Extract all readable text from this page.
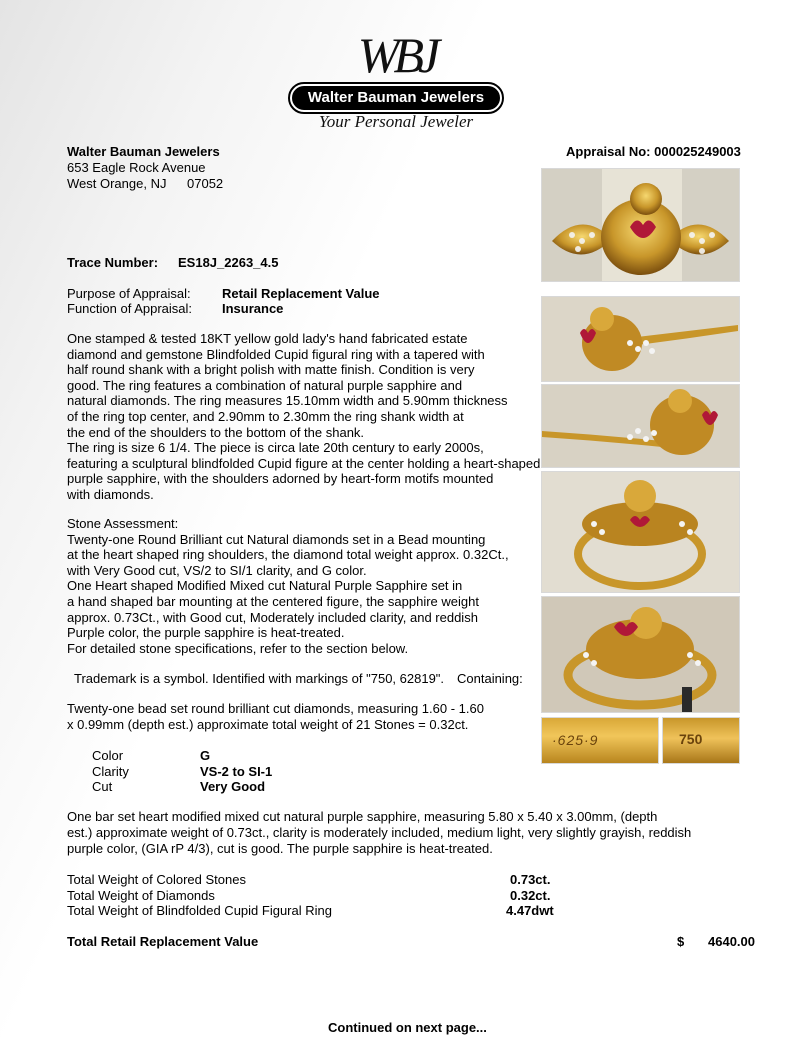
WBJ
Walter Bauman Jewelers
Your Personal Jeweler
Walter Bauman Jewelers
653 Eagle Rock Avenue
West Orange, NJ 07052
Appraisal No: 000025249003
Trace Number: ES18J_2263_4.5
Purpose of Appraisal: Retail Replacement Value
Function of Appraisal: Insurance
One stamped & tested 18KT yellow gold lady's hand fabricated estate
diamond and gemstone Blindfolded Cupid figural ring with a tapered with
half round shank with a bright polish with matte finish. Condition is very
good. The ring features a combination of natural purple sapphire and
natural diamonds. The ring measures 15.10mm width and 5.90mm thickness
of the ring top center, and 2.90mm to 2.30mm the ring shank width at
the end of the shoulders to the bottom of the shank.
The ring is size 6 1/4. The piece is circa late 20th century to early 2000s,
featuring a sculptural blindfolded Cupid figure at the center holding a heart-shaped
purple sapphire, with the shoulders adorned by heart-form motifs mounted
with diamonds.
Stone Assessment:
Twenty-one Round Brilliant cut Natural diamonds set in a Bead mounting
at the heart shaped ring shoulders, the diamond total weight approx. 0.32Ct.,
with Very Good cut, VS/2 to SI/1 clarity, and G color.
One Heart shaped Modified Mixed cut Natural Purple Sapphire set in
a hand shaped bar mounting at the centered figure, the sapphire weight
approx. 0.73Ct., with Good cut, Moderately included clarity, and reddish
Purple color, the purple sapphire is heat-treated.
For detailed stone specifications, refer to the section below.
Trademark is a symbol. Identified with markings of "750, 62819". Containing:
Twenty-one bead set round brilliant cut diamonds, measuring 1.60 - 1.60
x 0.99mm (depth est.) approximate total weight of 21 Stones = 0.32ct.
Color	G
Clarity	VS-2 to SI-1
Cut	Very Good
One bar set heart modified mixed cut natural purple sapphire, measuring 5.80 x 5.40 x 3.00mm, (depth
est.) approximate weight of 0.73ct., clarity is moderately included, medium light, very slightly grayish, reddish
purple color, (GIA rP 4/3), cut is good. The purple sapphire is heat-treated.
Total Weight of Colored Stones	0.73ct.
Total Weight of Diamonds	0.32ct.
Total Weight of Blindfolded Cupid Figural Ring	4.47dwt
Total Retail Replacement Value	$ 4640.00
Continued on next page...
·625·9	750
